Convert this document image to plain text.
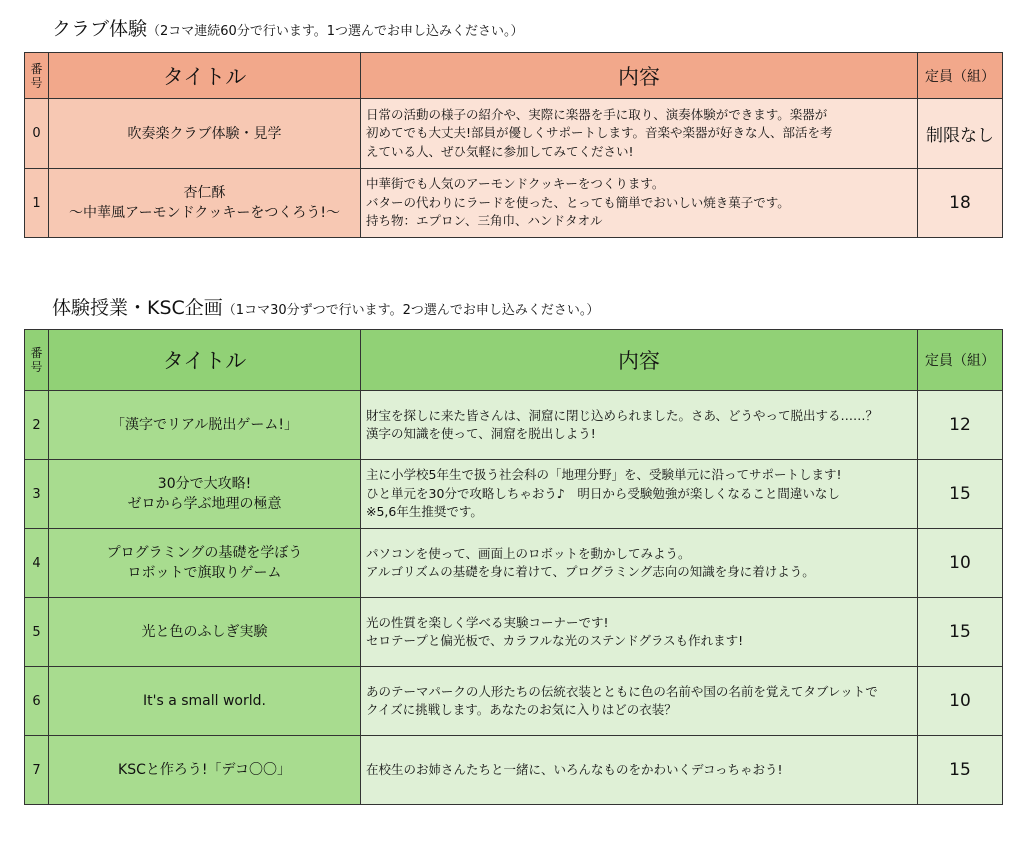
クラブ体験（2コマ連続60分で行います。1つ選んでお申し込みください。）
番
号	タイトル	内容	定員（組）
0	吹奏楽クラブ体験・見学	日常の活動の様子の紹介や、実際に楽器を手に取り、演奏体験ができます。楽器が
初めてでも大丈夫!部員が優しくサポートします。音楽や楽器が好きな人、部活を考
えている人、ぜひ気軽に参加してみてください!	制限なし
1	杏仁酥
〜中華風アーモンドクッキーをつくろう!〜	中華街でも人気のアーモンドクッキーをつくります。
バターの代わりにラードを使った、とっても簡単でおいしい焼き菓子です。
持ち物：エプロン、三角巾、ハンドタオル	18
体験授業・KSC企画（1コマ30分ずつで行います。2つ選んでお申し込みください。）
番
号	タイトル	内容	定員（組）
2	「漢字でリアル脱出ゲーム!」	財宝を探しに来た皆さんは、洞窟に閉じ込められました。さあ、どうやって脱出する……？
漢字の知識を使って、洞窟を脱出しよう!	12
3	30分で大攻略!
ゼロから学ぶ地理の極意	主に小学校5年生で扱う社会科の「地理分野」を、受験単元に沿ってサポートします!
ひと単元を30分で攻略しちゃおう♪　明日から受験勉強が楽しくなること間違いなし
※5,6年生推奨です。	15
4	プログラミングの基礎を学ぼう
ロボットで旗取りゲーム	パソコンを使って、画面上のロボットを動かしてみよう。
アルゴリズムの基礎を身に着けて、プログラミング志向の知識を身に着けよう。	10
5	光と色のふしぎ実験	光の性質を楽しく学べる実験コーナーです!
セロテープと偏光板で、カラフルな光のステンドグラスも作れます!	15
6	It's a small world.	あのテーマパークの人形たちの伝統衣装とともに色の名前や国の名前を覚えてタブレットで
クイズに挑戦します。あなたのお気に入りはどの衣装？	10
7	KSCと作ろう!「デコ〇〇」	在校生のお姉さんたちと一緒に、いろんなものをかわいくデコっちゃおう!	15
